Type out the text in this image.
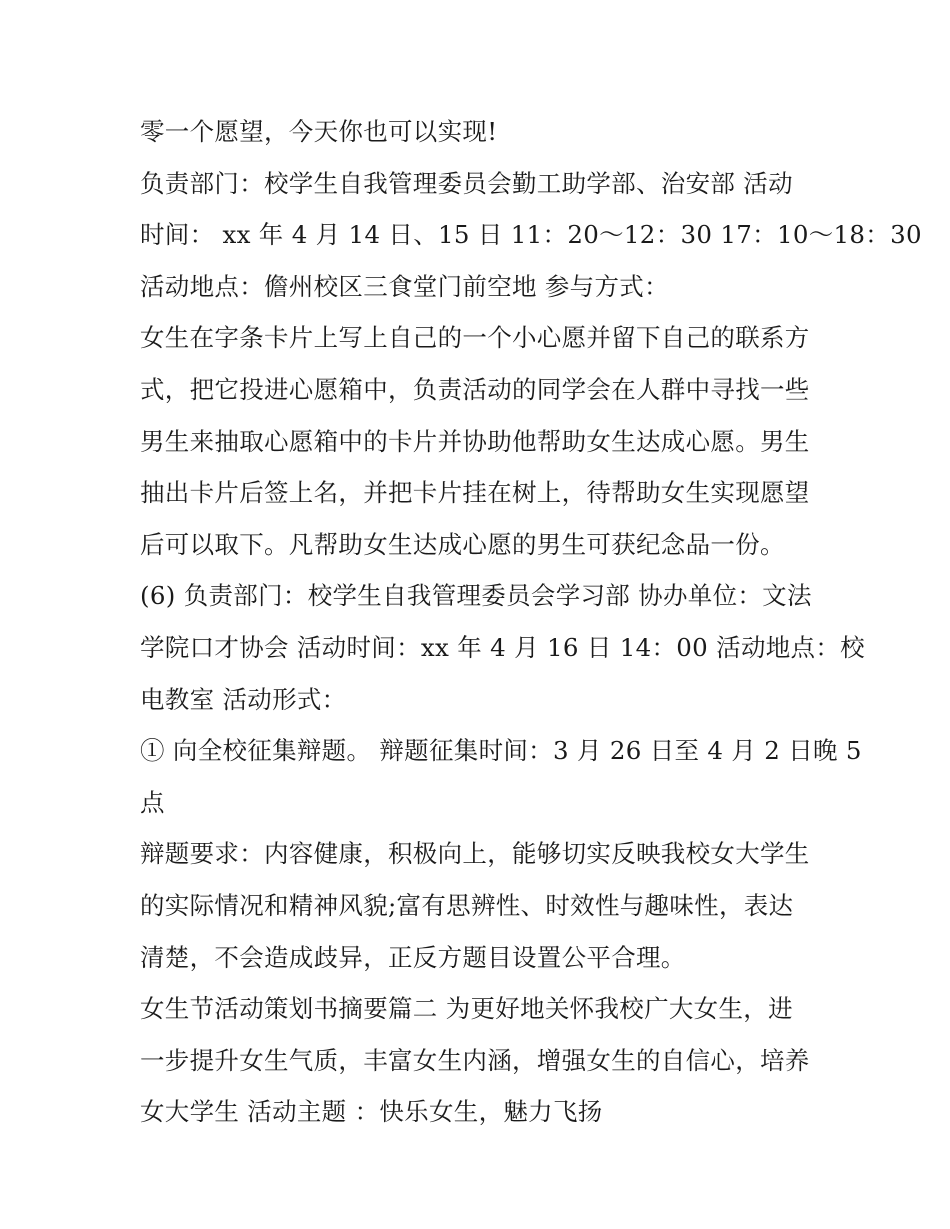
零一个愿望，今天你也可以实现!
负责部门：校学生自我管理委员会勤工助学部、治安部 活动
时间： xx 年 4 月 14 日、15 日 11：20～12：30 17：10～18：30
活动地点：儋州校区三食堂门前空地 参与方式：
女生在字条卡片上写上自己的一个小心愿并留下自己的联系方
式，把它投进心愿箱中，负责活动的同学会在人群中寻找一些
男生来抽取心愿箱中的卡片并协助他帮助女生达成心愿。男生
抽出卡片后签上名，并把卡片挂在树上，待帮助女生实现愿望
后可以取下。凡帮助女生达成心愿的男生可获纪念品一份。
(6) 负责部门：校学生自我管理委员会学习部 协办单位：文法
学院口才协会 活动时间：xx 年 4 月 16 日 14：00 活动地点：校
电教室 活动形式：
① 向全校征集辩题。 辩题征集时间：3 月 26 日至 4 月 2 日晚 5
点
辩题要求：内容健康，积极向上，能够切实反映我校女大学生
的实际情况和精神风貌;富有思辨性、时效性与趣味性，表达
清楚，不会造成歧异，正反方题目设置公平合理。
女生节活动策划书摘要篇二 为更好地关怀我校广大女生，进
一步提升女生气质，丰富女生内涵，增强女生的自信心，培养
女大学生 活动主题 ：快乐女生，魅力飞扬
